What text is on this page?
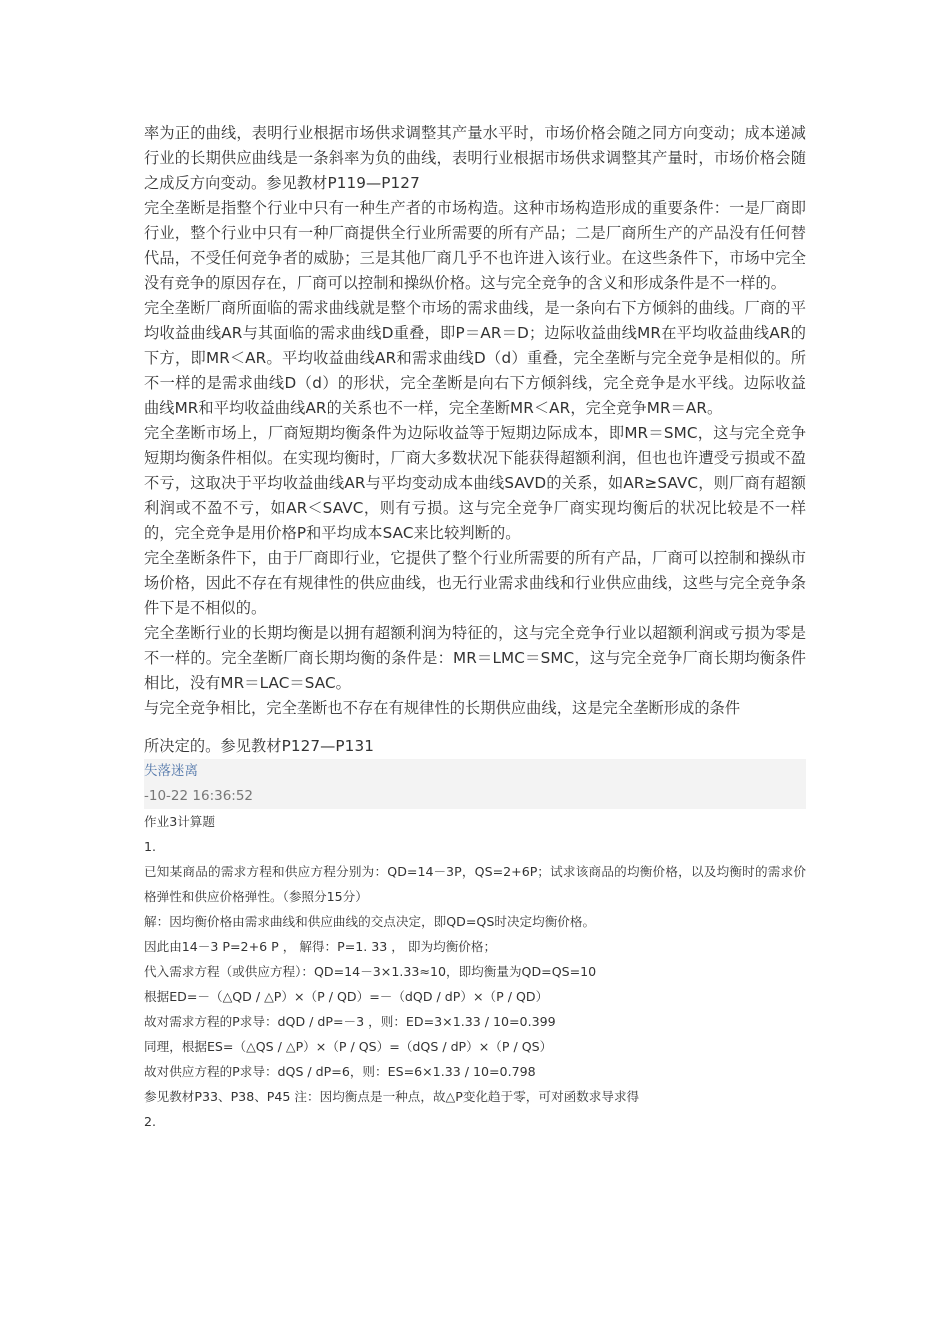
率为正的曲线，表明行业根据市场供求调整其产量水平时，市场价格会随之同方向变动；成本递减行业的长期供应曲线是一条斜率为负的曲线，表明行业根据市场供求调整其产量时，市场价格会随之成反方向变动。参见教材P119—P127

完全垄断是指整个行业中只有一种生产者的市场构造。这种市场构造形成的重要条件：一是厂商即行业，整个行业中只有一种厂商提供全行业所需要的所有产品；二是厂商所生产的产品没有任何替代品，不受任何竞争者的威胁；三是其他厂商几乎不也许进入该行业。在这些条件下，市场中完全没有竞争的原因存在，厂商可以控制和操纵价格。这与完全竞争的含义和形成条件是不一样的。

完全垄断厂商所面临的需求曲线就是整个市场的需求曲线，是一条向右下方倾斜的曲线。厂商的平均收益曲线AR与其面临的需求曲线D重叠，即P＝AR＝D；边际收益曲线MR在平均收益曲线AR的下方，即MR＜AR。平均收益曲线AR和需求曲线D（d）重叠，完全垄断与完全竞争是相似的。所不一样的是需求曲线D（d）的形状，完全垄断是向右下方倾斜线，完全竞争是水平线。边际收益曲线MR和平均收益曲线AR的关系也不一样，完全垄断MR＜AR，完全竞争MR＝AR。

完全垄断市场上，厂商短期均衡条件为边际收益等于短期边际成本，即MR＝SMC，这与完全竞争短期均衡条件相似。在实现均衡时，厂商大多数状况下能获得超额利润，但也也许遭受亏损或不盈不亏，这取决于平均收益曲线AR与平均变动成本曲线SAVD的关系，如AR≥SAVC，则厂商有超额利润或不盈不亏，如AR＜SAVC，则有亏损。这与完全竞争厂商实现均衡后的状况比较是不一样的，完全竞争是用价格P和平均成本SAC来比较判断的。

完全垄断条件下，由于厂商即行业，它提供了整个行业所需要的所有产品，厂商可以控制和操纵市场价格，因此不存在有规律性的供应曲线，也无行业需求曲线和行业供应曲线，这些与完全竞争条件下是不相似的。

完全垄断行业的长期均衡是以拥有超额利润为特征的，这与完全竞争行业以超额利润或亏损为零是不一样的。完全垄断厂商长期均衡的条件是：MR＝LMC＝SMC，这与完全竞争厂商长期均衡条件相比，没有MR＝LAC＝SAC。

与完全竞争相比，完全垄断也不存在有规律性的长期供应曲线，这是完全垄断形成的条件

所决定的。参见教材P127—P131

失落迷离
-10-22 16:36:52

作业3计算题

1.

已知某商品的需求方程和供应方程分别为：QD=14－3P，QS=2+6P；试求该商品的均衡价格，以及均衡时的需求价格弹性和供应价格弹性。（参照分15分）

解：因均衡价格由需求曲线和供应曲线的交点决定，即QD=QS时决定均衡价格。

因此由14－3 P=2+6 P ， 解得：P=1. 33 ， 即为均衡价格；

代入需求方程（或供应方程）：QD=14－3×1.33≈10，即均衡量为QD=QS=10

根据ED=－（△QD / △P）×（P / QD）=－（dQD / dP）×（P / QD）

故对需求方程的P求导：dQD / dP=－3 ，则：ED=3×1.33 / 10=0.399

同理，根据ES=（△QS / △P）×（P / QS）=（dQS / dP）×（P / QS）

故对供应方程的P求导：dQS / dP=6，则：ES=6×1.33 / 10=0.798

参见教材P33、P38、P45 注：因均衡点是一种点，故△P变化趋于零，可对函数求导求得

2.
